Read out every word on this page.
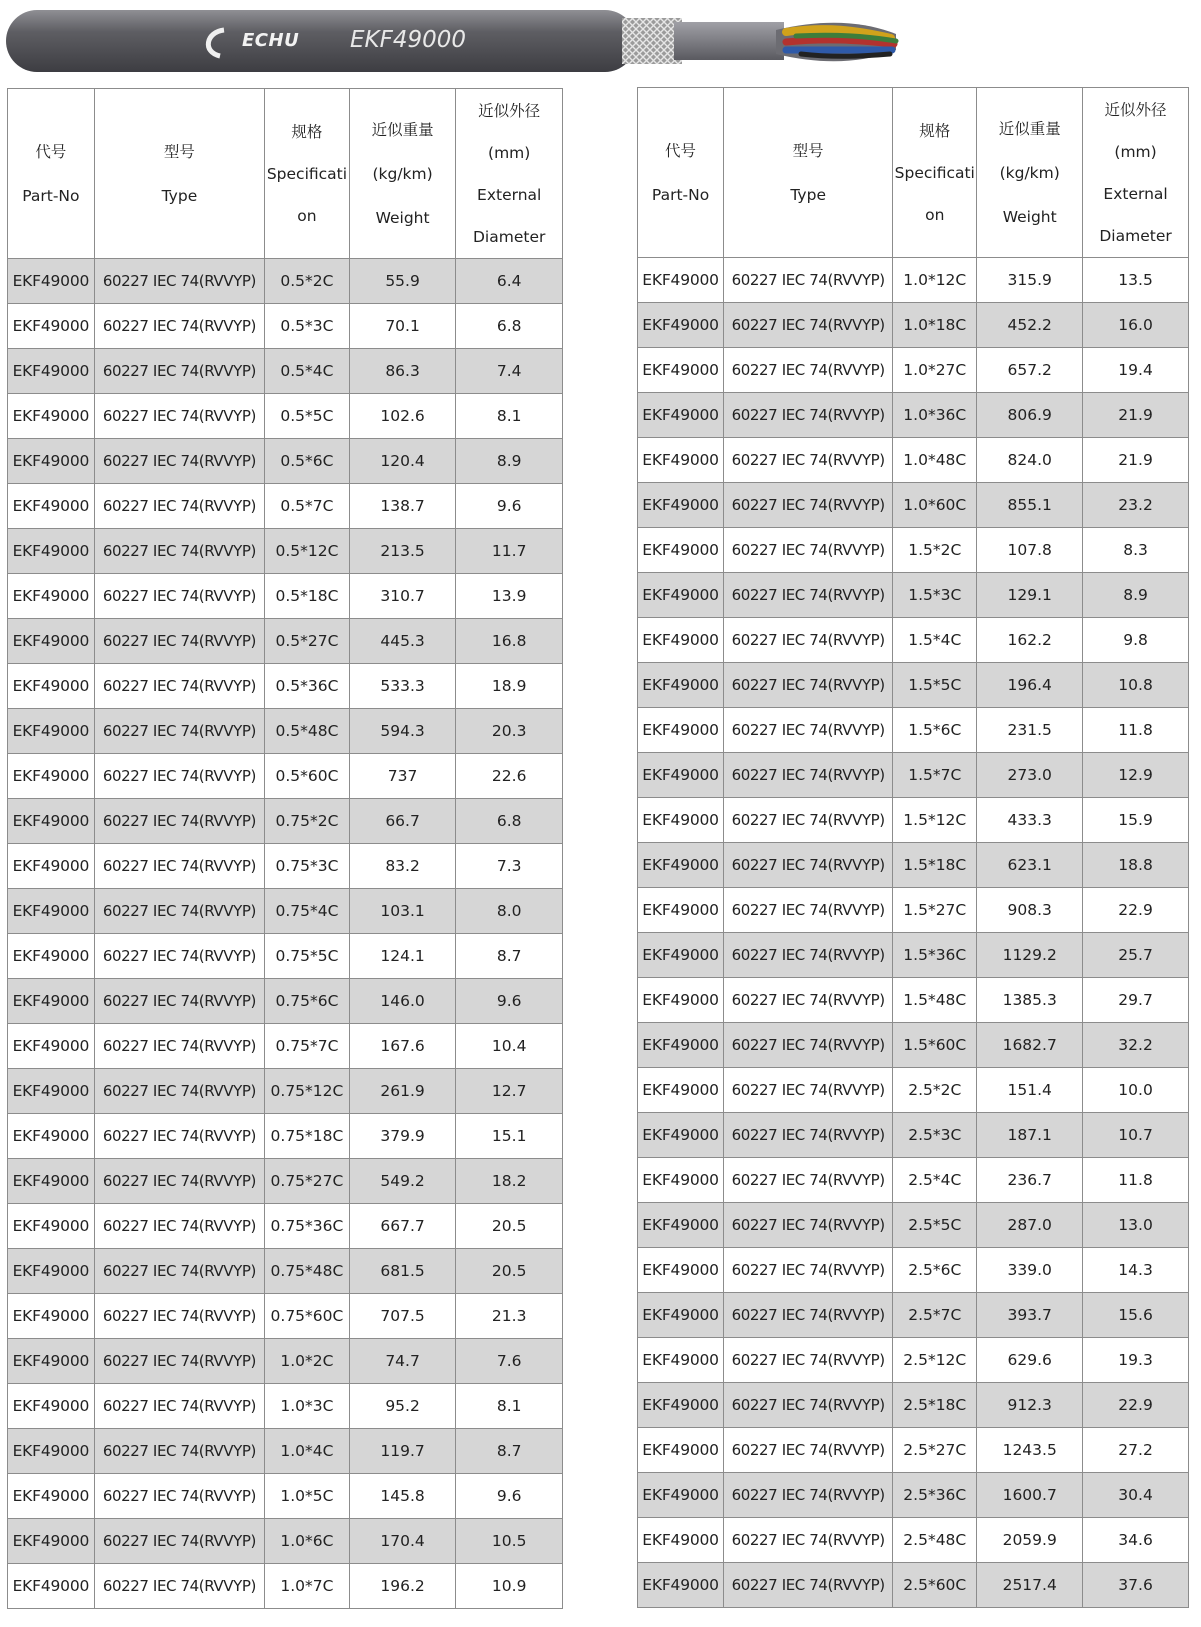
ECHU EKF49000
代号
Part-No	型号
Type	规格
Specificati
on	近似重量
(kg/km)
Weight	近似外径
(mm)
External
Diameter

EKF49000	60227 IEC 74(RVVYP)	0.5*2C	55.9	6.4
EKF49000	60227 IEC 74(RVVYP)	0.5*3C	70.1	6.8
EKF49000	60227 IEC 74(RVVYP)	0.5*4C	86.3	7.4
EKF49000	60227 IEC 74(RVVYP)	0.5*5C	102.6	8.1
EKF49000	60227 IEC 74(RVVYP)	0.5*6C	120.4	8.9
EKF49000	60227 IEC 74(RVVYP)	0.5*7C	138.7	9.6
EKF49000	60227 IEC 74(RVVYP)	0.5*12C	213.5	11.7
EKF49000	60227 IEC 74(RVVYP)	0.5*18C	310.7	13.9
EKF49000	60227 IEC 74(RVVYP)	0.5*27C	445.3	16.8
EKF49000	60227 IEC 74(RVVYP)	0.5*36C	533.3	18.9
EKF49000	60227 IEC 74(RVVYP)	0.5*48C	594.3	20.3
EKF49000	60227 IEC 74(RVVYP)	0.5*60C	737	22.6
EKF49000	60227 IEC 74(RVVYP)	0.75*2C	66.7	6.8
EKF49000	60227 IEC 74(RVVYP)	0.75*3C	83.2	7.3
EKF49000	60227 IEC 74(RVVYP)	0.75*4C	103.1	8.0
EKF49000	60227 IEC 74(RVVYP)	0.75*5C	124.1	8.7
EKF49000	60227 IEC 74(RVVYP)	0.75*6C	146.0	9.6
EKF49000	60227 IEC 74(RVVYP)	0.75*7C	167.6	10.4
EKF49000	60227 IEC 74(RVVYP)	0.75*12C	261.9	12.7
EKF49000	60227 IEC 74(RVVYP)	0.75*18C	379.9	15.1
EKF49000	60227 IEC 74(RVVYP)	0.75*27C	549.2	18.2
EKF49000	60227 IEC 74(RVVYP)	0.75*36C	667.7	20.5
EKF49000	60227 IEC 74(RVVYP)	0.75*48C	681.5	20.5
EKF49000	60227 IEC 74(RVVYP)	0.75*60C	707.5	21.3
EKF49000	60227 IEC 74(RVVYP)	1.0*2C	74.7	7.6
EKF49000	60227 IEC 74(RVVYP)	1.0*3C	95.2	8.1
EKF49000	60227 IEC 74(RVVYP)	1.0*4C	119.7	8.7
EKF49000	60227 IEC 74(RVVYP)	1.0*5C	145.8	9.6
EKF49000	60227 IEC 74(RVVYP)	1.0*6C	170.4	10.5
EKF49000	60227 IEC 74(RVVYP)	1.0*7C	196.2	10.9
代号
Part-No	型号
Type	规格
Specificati
on	近似重量
(kg/km)
Weight	近似外径
(mm)
External
Diameter

EKF49000	60227 IEC 74(RVVYP)	1.0*12C	315.9	13.5
EKF49000	60227 IEC 74(RVVYP)	1.0*18C	452.2	16.0
EKF49000	60227 IEC 74(RVVYP)	1.0*27C	657.2	19.4
EKF49000	60227 IEC 74(RVVYP)	1.0*36C	806.9	21.9
EKF49000	60227 IEC 74(RVVYP)	1.0*48C	824.0	21.9
EKF49000	60227 IEC 74(RVVYP)	1.0*60C	855.1	23.2
EKF49000	60227 IEC 74(RVVYP)	1.5*2C	107.8	8.3
EKF49000	60227 IEC 74(RVVYP)	1.5*3C	129.1	8.9
EKF49000	60227 IEC 74(RVVYP)	1.5*4C	162.2	9.8
EKF49000	60227 IEC 74(RVVYP)	1.5*5C	196.4	10.8
EKF49000	60227 IEC 74(RVVYP)	1.5*6C	231.5	11.8
EKF49000	60227 IEC 74(RVVYP)	1.5*7C	273.0	12.9
EKF49000	60227 IEC 74(RVVYP)	1.5*12C	433.3	15.9
EKF49000	60227 IEC 74(RVVYP)	1.5*18C	623.1	18.8
EKF49000	60227 IEC 74(RVVYP)	1.5*27C	908.3	22.9
EKF49000	60227 IEC 74(RVVYP)	1.5*36C	1129.2	25.7
EKF49000	60227 IEC 74(RVVYP)	1.5*48C	1385.3	29.7
EKF49000	60227 IEC 74(RVVYP)	1.5*60C	1682.7	32.2
EKF49000	60227 IEC 74(RVVYP)	2.5*2C	151.4	10.0
EKF49000	60227 IEC 74(RVVYP)	2.5*3C	187.1	10.7
EKF49000	60227 IEC 74(RVVYP)	2.5*4C	236.7	11.8
EKF49000	60227 IEC 74(RVVYP)	2.5*5C	287.0	13.0
EKF49000	60227 IEC 74(RVVYP)	2.5*6C	339.0	14.3
EKF49000	60227 IEC 74(RVVYP)	2.5*7C	393.7	15.6
EKF49000	60227 IEC 74(RVVYP)	2.5*12C	629.6	19.3
EKF49000	60227 IEC 74(RVVYP)	2.5*18C	912.3	22.9
EKF49000	60227 IEC 74(RVVYP)	2.5*27C	1243.5	27.2
EKF49000	60227 IEC 74(RVVYP)	2.5*36C	1600.7	30.4
EKF49000	60227 IEC 74(RVVYP)	2.5*48C	2059.9	34.6
EKF49000	60227 IEC 74(RVVYP)	2.5*60C	2517.4	37.6
